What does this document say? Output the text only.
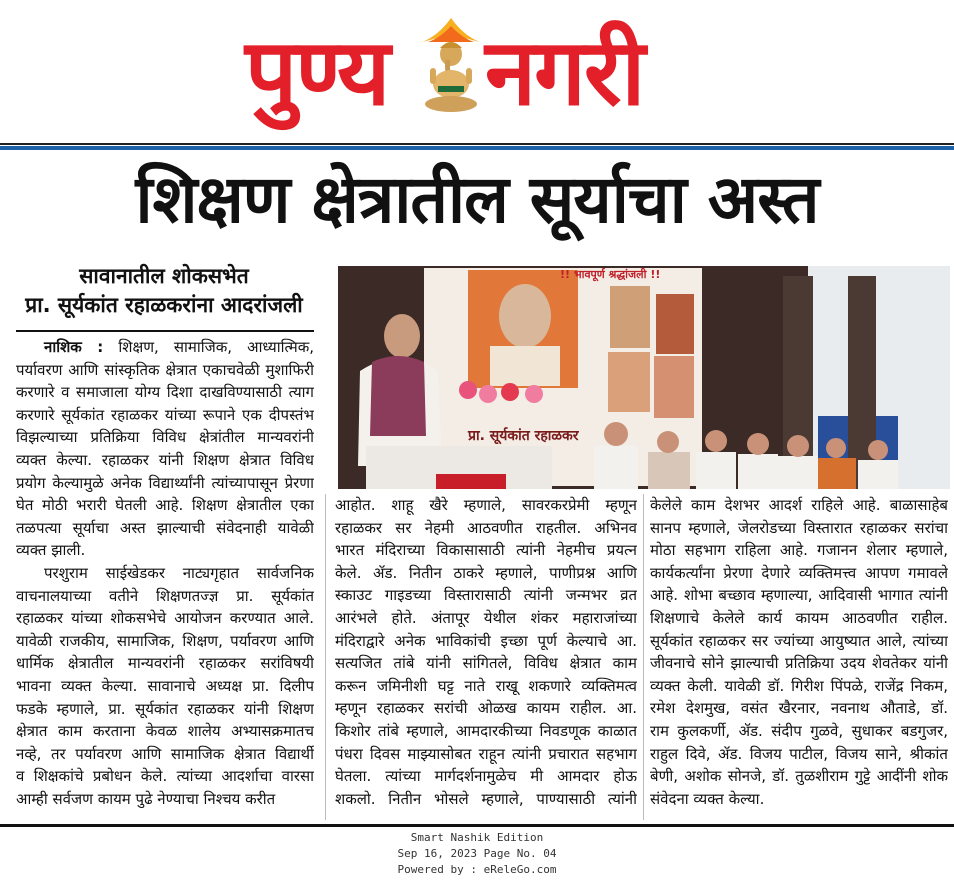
पुण्य नगरी
शिक्षण क्षेत्रातील सूर्याचा अस्त
सावानातील शोकसभेत
प्रा. सूर्यकांत रहाळकरांना आदरांजली
!! भावपूर्ण श्रद्धांजली !!
प्रा. सूर्यकांत रहाळकर
नाशिक : शिक्षण, सामाजिक, आध्यात्मिक,
पर्यावरण आणि सांस्कृतिक क्षेत्रात एकाचवेळी मुशाफिरी
करणारे व समाजाला योग्य दिशा दाखविण्यासाठी त्याग
करणारे सूर्यकांत रहाळकर यांच्या रूपाने एक दीपस्तंभ
विझल्याच्या प्रतिक्रिया विविध क्षेत्रांतील मान्यवरांनी
व्यक्त केल्या. रहाळकर यांनी शिक्षण क्षेत्रात विविध
प्रयोग केल्यामुळे अनेक विद्यार्थ्यांनी त्यांच्यापासून प्रेरणा
घेत मोठी भरारी घेतली आहे. शिक्षण क्षेत्रातील एका
तळपत्या सूर्याचा अस्त झाल्याची संवेदनाही यावेळी
व्यक्त झाली.
परशुराम साईखेडकर नाट्यगृहात सार्वजनिक
वाचनालयाच्या वतीने शिक्षणतज्ज्ञ प्रा. सूर्यकांत
रहाळकर यांच्या शोकसभेचे आयोजन करण्यात आले.
यावेळी राजकीय, सामाजिक, शिक्षण, पर्यावरण आणि
धार्मिक क्षेत्रातील मान्यवरांनी रहाळकर सरांविषयी
भावना व्यक्त केल्या. सावानाचे अध्यक्ष प्रा. दिलीप
फडके म्हणाले, प्रा. सूर्यकांत रहाळकर यांनी शिक्षण
क्षेत्रात काम करताना केवळ शालेय अभ्यासक्रमातच
नव्हे, तर पर्यावरण आणि सामाजिक क्षेत्रात विद्यार्थी
व शिक्षकांचे प्रबोधन केले. त्यांच्या आदर्शाचा वारसा
आम्ही सर्वजण कायम पुढे नेण्याचा निश्चय करीत
आहोत. शाहू खैरे म्हणाले, सावरकरप्रेमी म्हणून
रहाळकर सर नेहमी आठवणीत राहतील. अभिनव
भारत मंदिराच्या विकासासाठी त्यांनी नेहमीच प्रयत्न
केले. ॲड. नितीन ठाकरे म्हणाले, पाणीप्रश्न आणि
स्काउट गाइडच्या विस्तारासाठी त्यांनी जन्मभर व्रत
आरंभले होते. अंतापूर येथील शंकर महाराजांच्या
मंदिराद्वारे अनेक भाविकांची इच्छा पूर्ण केल्याचे आ.
सत्यजित तांबे यांनी सांगितले, विविध क्षेत्रात काम
करून जमिनीशी घट्ट नाते राखू शकणारे व्यक्तिमत्व
म्हणून रहाळकर सरांची ओळख कायम राहील. आ.
किशोर तांबे म्हणाले, आमदारकीच्या निवडणूक काळात
पंधरा दिवस माझ्यासोबत राहून त्यांनी प्रचारात सहभाग
घेतला. त्यांच्या मार्गदर्शनामुळेच मी आमदार होऊ
शकलो. नितीन भोसले म्हणाले, पाण्यासाठी त्यांनी
केलेले काम देशभर आदर्श राहिले आहे. बाळासाहेब
सानप म्हणाले, जेलरोडच्या विस्तारात रहाळकर सरांचा
मोठा सहभाग राहिला आहे. गजानन शेलार म्हणाले,
कार्यकर्त्यांना प्रेरणा देणारे व्यक्तिमत्त्व आपण गमावले
आहे. शोभा बच्छाव म्हणाल्या, आदिवासी भागात त्यांनी
शिक्षणाचे केलेले कार्य कायम आठवणीत राहील.
सूर्यकांत रहाळकर सर ज्यांच्या आयुष्यात आले, त्यांच्या
जीवनाचे सोने झाल्याची प्रतिक्रिया उदय शेवतेकर यांनी
व्यक्त केली. यावेळी डॉ. गिरीश पिंपळे, राजेंद्र निकम,
रमेश देशमुख, वसंत खैरनार, नवनाथ औताडे, डॉ.
राम कुलकर्णी, ॲड. संदीप गुळवे, सुधाकर बडगुजर,
राहुल दिवे, ॲड. विजय पाटील, विजय साने, श्रीकांत
बेणी, अशोक सोनजे, डॉ. तुळशीराम गुट्टे आदींनी शोक
संवेदना व्यक्त केल्या.
Smart Nashik Edition
Sep 16, 2023 Page No. 04
Powered by : eReleGo.com
